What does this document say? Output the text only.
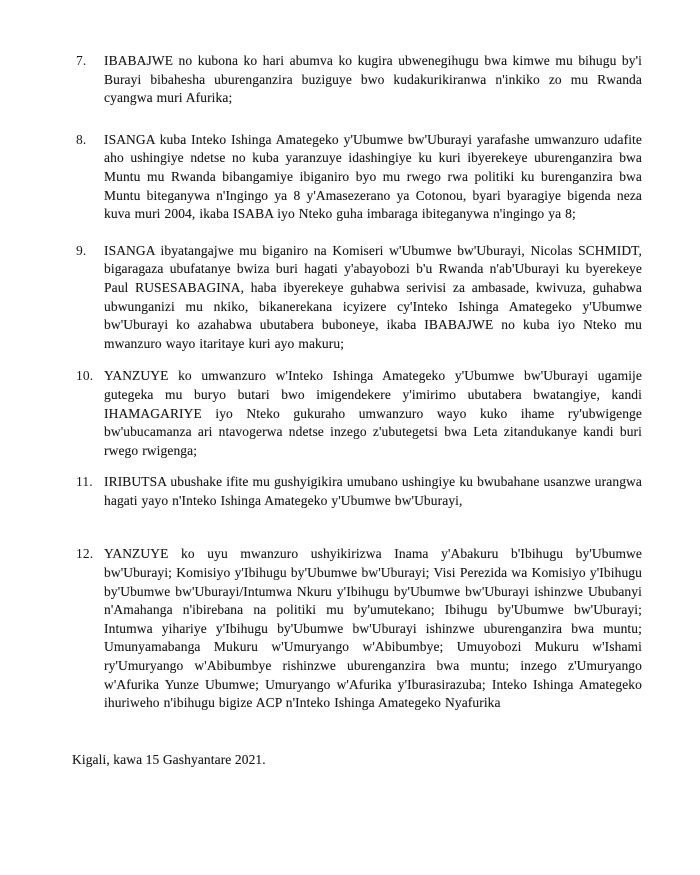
7.	IBABAJWE no kubona ko hari abumva ko kugira ubwenegihugu bwa kimwe mu bihugu by'i Burayi bibahesha uburenganzira buziguye bwo kudakurikiranwa n'inkiko zo mu Rwanda cyangwa muri Afurika;

8.	ISANGA kuba Inteko Ishinga Amategeko y'Ubumwe bw'Uburayi yarafashe umwanzuro udafite aho ushingiye ndetse no kuba yaranzuye idashingiye ku kuri ibyerekeye uburenganzira bwa Muntu mu Rwanda bibangamiye ibiganiro byo mu rwego rwa politiki ku burenganzira bwa Muntu biteganywa n'Ingingo ya 8 y'Amasezerano ya Cotonou, byari byaragiye bigenda neza kuva muri 2004, ikaba ISABA iyo Nteko guha imbaraga ibiteganywa n'ingingo ya 8;

9.	ISANGA ibyatangajwe mu biganiro na Komiseri w'Ubumwe bw'Uburayi, Nicolas SCHMIDT, bigaragaza ubufatanye bwiza buri hagati y'abayobozi b'u Rwanda n'ab'Uburayi ku byerekeye Paul RUSESABAGINA, haba ibyerekeye guhabwa serivisi za ambasade, kwivuza, guhabwa ubwunganizi mu nkiko, bikanerekana icyizere cy'Inteko Ishinga Amategeko y'Ubumwe bw'Uburayi ko azahabwa ubutabera buboneye, ikaba IBABAJWE no kuba iyo Nteko mu mwanzuro wayo itaritaye kuri ayo makuru;

10. YANZUYE ko umwanzuro w'Inteko Ishinga Amategeko y'Ubumwe bw'Uburayi ugamije gutegeka mu buryo butari bwo imigendekere y'imirimo ubutabera bwatangiye, kandi IHAMAGARIYE iyo Nteko gukuraho umwanzuro wayo kuko ihame ry'ubwigenge bw'ubucamanza ari ntavogerwa ndetse inzego z'ubutegetsi bwa Leta zitandukanye kandi buri rwego rwigenga;

11. IRIBUTSA ubushake ifite mu gushyigikira umubano ushingiye ku bwubahane usanzwe urangwa hagati yayo n'Inteko Ishinga Amategeko y'Ubumwe bw'Uburayi,

12. YANZUYE ko uyu mwanzuro ushyikirizwa Inama y'Abakuru b'Ibihugu by'Ubumwe bw'Uburayi; Komisiyo y'Ibihugu by'Ubumwe bw'Uburayi; Visi Perezida wa Komisiyo y'Ibihugu by'Ubumwe bw'Uburayi/Intumwa Nkuru y'Ibihugu by'Ubumwe bw'Uburayi ishinzwe Ububanyi n'Amahanga n'ibirebana na politiki mu by'umutekano; Ibihugu by'Ubumwe bw'Uburayi; Intumwa yihariye y'Ibihugu by'Ubumwe bw'Uburayi ishinzwe uburenganzira bwa muntu; Umunyamabanga Mukuru w'Umuryango w'Abibumbye; Umuyobozi Mukuru w'Ishami ry'Umuryango w'Abibumbye rishinzwe uburenganzira bwa muntu; inzego z'Umuryango w'Afurika Yunze Ubumwe; Umuryango w'Afurika y'Iburasirazuba; Inteko Ishinga Amategeko ihuriweho n'ibihugu bigize ACP n'Inteko Ishinga Amategeko Nyafurika

Kigali, kawa 15 Gashyantare 2021.
